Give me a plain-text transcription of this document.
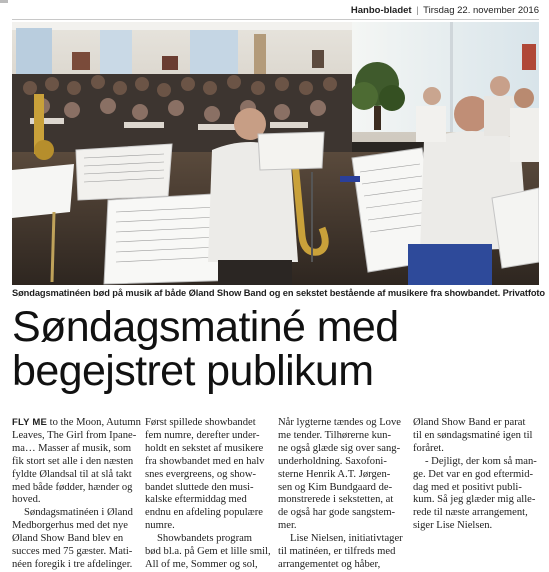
Hanbo-bladet | Tirsdag 22. november 2016
Søndagsmatinéen bød på musik af både Øland Show Band og en sekstet bestående af musikere fra showbandet. Privatfoto
Søndagsmatiné med
begejstret publikum
FLY ME to the Moon, Autumn
Leaves, The Girl from Ipane-
ma… Masser af musik, som
fik stort set alle i den næsten
fyldte Ølandsal til at slå takt
med både fødder, hænder og
hoved.
Søndagsmatinéen i Øland
Medborgerhus med det nye
Øland Show Band blev en
succes med 75 gæster. Mati-
néen foregik i tre afdelinger.
Først spillede showbandet
fem numre, derefter under-
holdt en sekstet af musikere
fra showbandet med en halv
snes evergreens, og show-
bandet sluttede den musi-
kalske eftermiddag med
endnu en afdeling populære
numre.
Showbandets program
bød bl.a. på Gem et lille smil,
All of me, Sommer og sol,
Når lygterne tændes og Love
me tender. Tilhørerne kun-
ne også glæde sig over sang-
underholdning. Saxofoni-
sterne Henrik A.T. Jørgen-
sen og Kim Bundgaard de-
monstrerede i sekstetten, at
de også har gode sangstem-
mer.
Lise Nielsen, initiativtager
til matinéen, er tilfreds med
arrangementet og håber,
Øland Show Band er parat
til en søndagsmatiné igen til
foråret.
- Dejligt, der kom så man-
ge. Det var en god eftermid-
dag med et positivt publi-
kum. Så jeg glæder mig alle-
rede til næste arrangement,
siger Lise Nielsen.
